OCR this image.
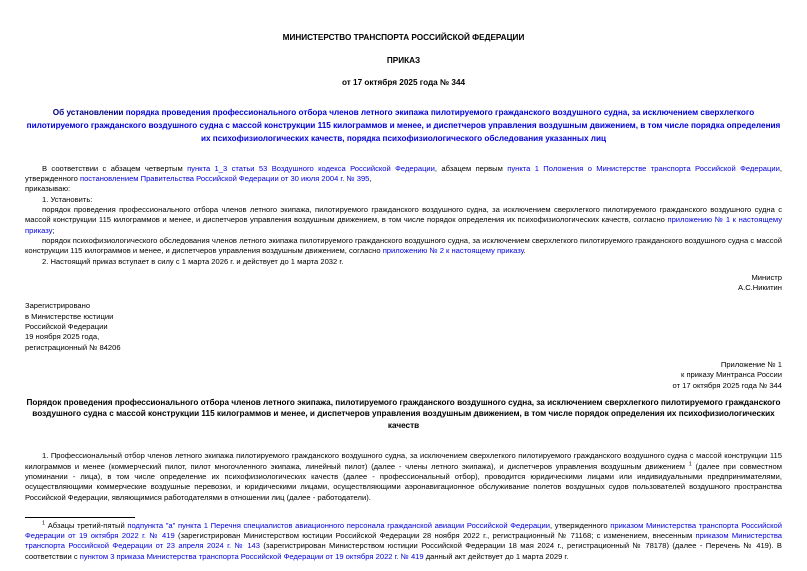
МИНИСТЕРСТВО ТРАНСПОРТА РОССИЙСКОЙ ФЕДЕРАЦИИ
ПРИКАЗ
от 17 октября 2025 года № 344
Об установлении порядка проведения профессионального отбора членов летного экипажа пилотируемого гражданского воздушного судна, за исключением сверхлегкого пилотируемого гражданского воздушного судна с массой конструкции 115 килограммов и менее, и диспетчеров управления воздушным движением, в том числе порядка определения их психофизиологических качеств, порядка психофизиологического обследования указанных лиц

В соответствии с абзацем четвертым пункта 1_3 статьи 53 Воздушного кодекса Российской Федерации, абзацем первым пункта 1 Положения о Министерстве транспорта Российской Федерации, утвержденного постановлением Правительства Российской Федерации от 30 июля 2004 г. № 395,

приказываю:

1. Установить:

порядок проведения профессионального отбора членов летного экипажа, пилотируемого гражданского воздушного судна, за исключением сверхлегкого пилотируемого гражданского воздушного судна с массой конструкции 115 килограммов и менее, и диспетчеров управления воздушным движением, в том числе порядок определения их психофизиологических качеств, согласно приложению № 1 к настоящему приказу;

порядок психофизиологического обследования членов летного экипажа пилотируемого гражданского воздушного судна, за исключением сверхлегкого пилотируемого гражданского воздушного судна с массой конструкции 115 килограммов и менее, и диспетчеров управления воздушным движением, согласно приложению № 2 к настоящему приказу.

2. Настоящий приказ вступает в силу с 1 марта 2026 г. и действует до 1 марта 2032 г.

Министр
А.С.Никитин
Зарегистрировано
в Министерстве юстиции
Российской Федерации
19 ноября 2025 года,
регистрационный № 84206
Приложение № 1
к приказу Минтранса России
от 17 октября 2025 года № 344
Порядок проведения профессионального отбора членов летного экипажа, пилотируемого гражданского воздушного судна, за исключением сверхлегкого пилотируемого гражданского воздушного судна с массой конструкции 115 килограммов и менее, и диспетчеров управления воздушным движением, в том числе порядок определения их психофизиологических качеств

1. Профессиональный отбор членов летного экипажа пилотируемого гражданского воздушного судна, за исключением сверхлегкого пилотируемого гражданского воздушного судна с массой конструкции 115 килограммов и менее (коммерческий пилот, пилот многочленного экипажа, линейный пилот) (далее - члены летного экипажа), и диспетчеров управления воздушным движением $^1$ (далее при совместном упоминании - лица), в том числе определение их психофизиологических качеств (далее - профессиональный отбор), проводится юридическими лицами или индивидуальными предпринимателями, осуществляющими коммерческие воздушные перевозки, и юридическими лицами, осуществляющими аэронавигационное обслуживание полетов воздушных судов пользователей воздушного пространства Российской Федерации, являющимися работодателями в отношении лиц (далее - работодатели).

$^1$ Абзацы третий-пятый подпункта "а" пункта 1 Перечня специалистов авиационного персонала гражданской авиации Российской Федерации, утвержденного приказом Министерства транспорта Российской Федерации от 19 октября 2022 г. № 419 (зарегистрирован Министерством юстиции Российской Федерации 28 ноября 2022 г., регистрационный № 71168; с изменением, внесенным приказом Министерства транспорта Российской Федерации от 23 апреля 2024 г. № 143 (зарегистрирован Министерством юстиции Российской Федерации 18 мая 2024 г., регистрационный № 78178) (далее - Перечень № 419). В соответствии с пунктом 3 приказа Министерства транспорта Российской Федерации от 19 октября 2022 г. № 419 данный акт действует до 1 марта 2029 г.
